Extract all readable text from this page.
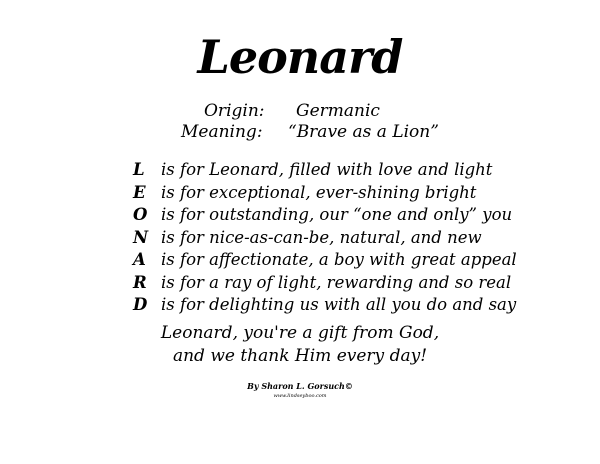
Leonard
Origin: Germanic
Meaning: “Brave as a Lion”
L is for Leonard, filled with love and light
E is for exceptional, ever-shining bright
O is for outstanding, our “one and only” you
N is for nice-as-can-be, natural, and new
A is for affectionate, a boy with great appeal
R is for a ray of light, rewarding and so real
D is for delighting us with all you do and say
Leonard, you're a gift from God,
and we thank Him every day!
By Sharon L. Gorsuch©
www.lindseyboo.com
